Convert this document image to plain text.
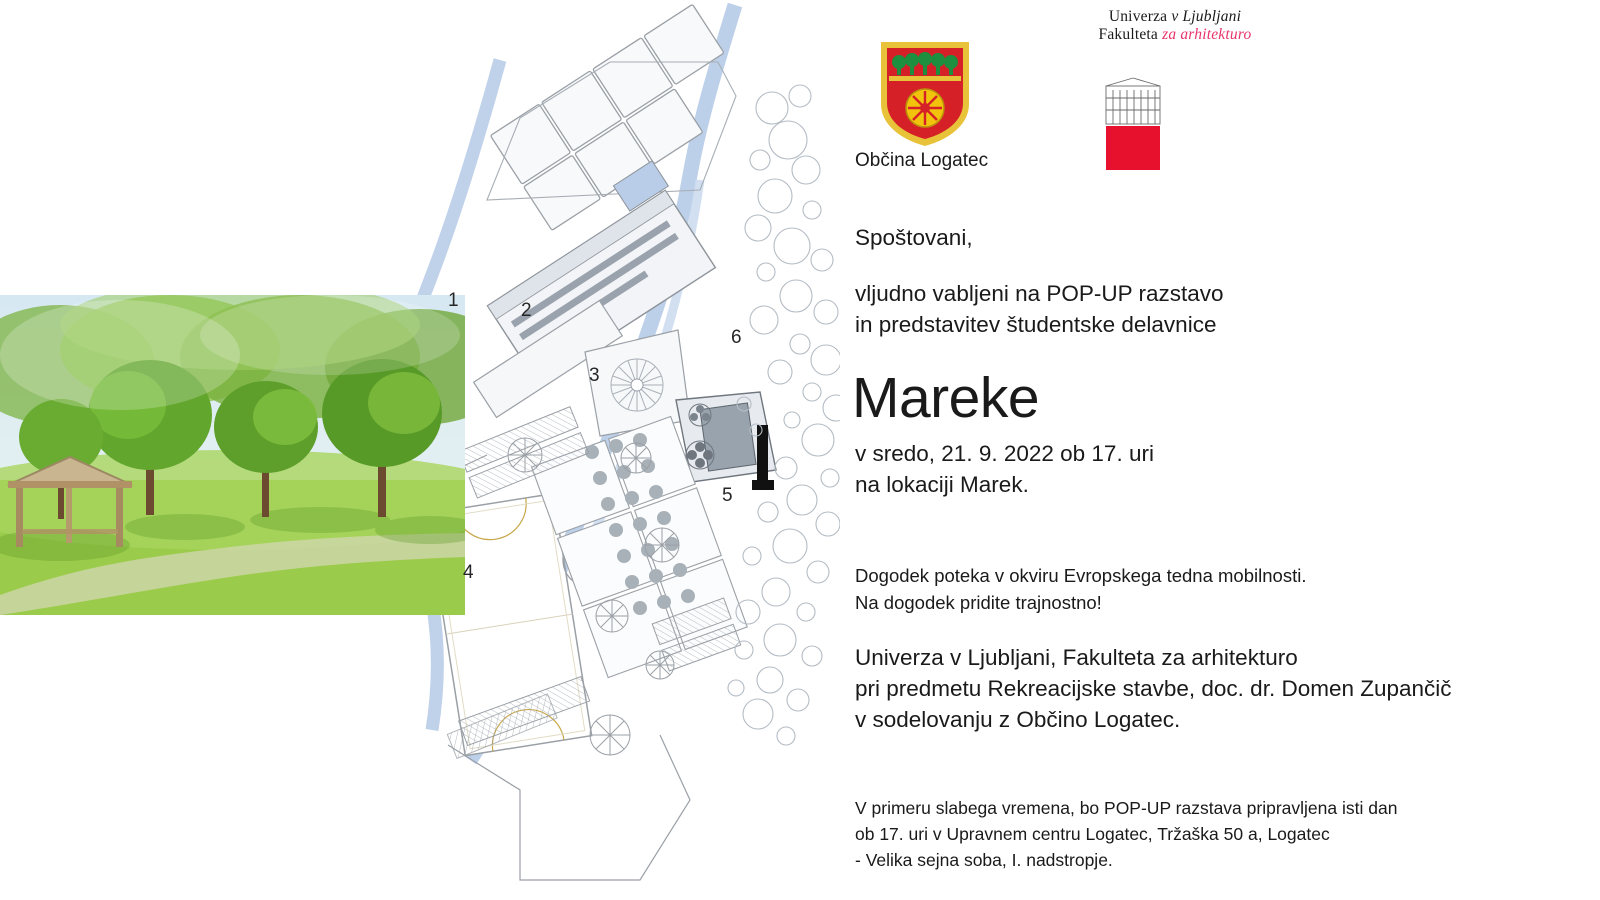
1	2
3
4
5
6
Občina Logatec
Univerza v Ljubljani
Fakulteta za arhitekturo
Spoštovani,
vljudno vabljeni na POP-UP razstavo
in predstavitev študentske delavnice
Mareke
v sredo, 21. 9. 2022 ob 17. uri
na lokaciji Marek.
Dogodek poteka v okviru Evropskega tedna mobilnosti.
Na dogodek pridite trajnostno!
Univerza v Ljubljani, Fakulteta za arhitekturo
pri predmetu Rekreacijske stavbe, doc. dr. Domen Zupančič
v sodelovanju z Občino Logatec.
V primeru slabega vremena, bo POP-UP razstava pripravljena isti dan
ob 17. uri v Upravnem centru Logatec, Tržaška 50 a, Logatec
- Velika sejna soba, I. nadstropje.
